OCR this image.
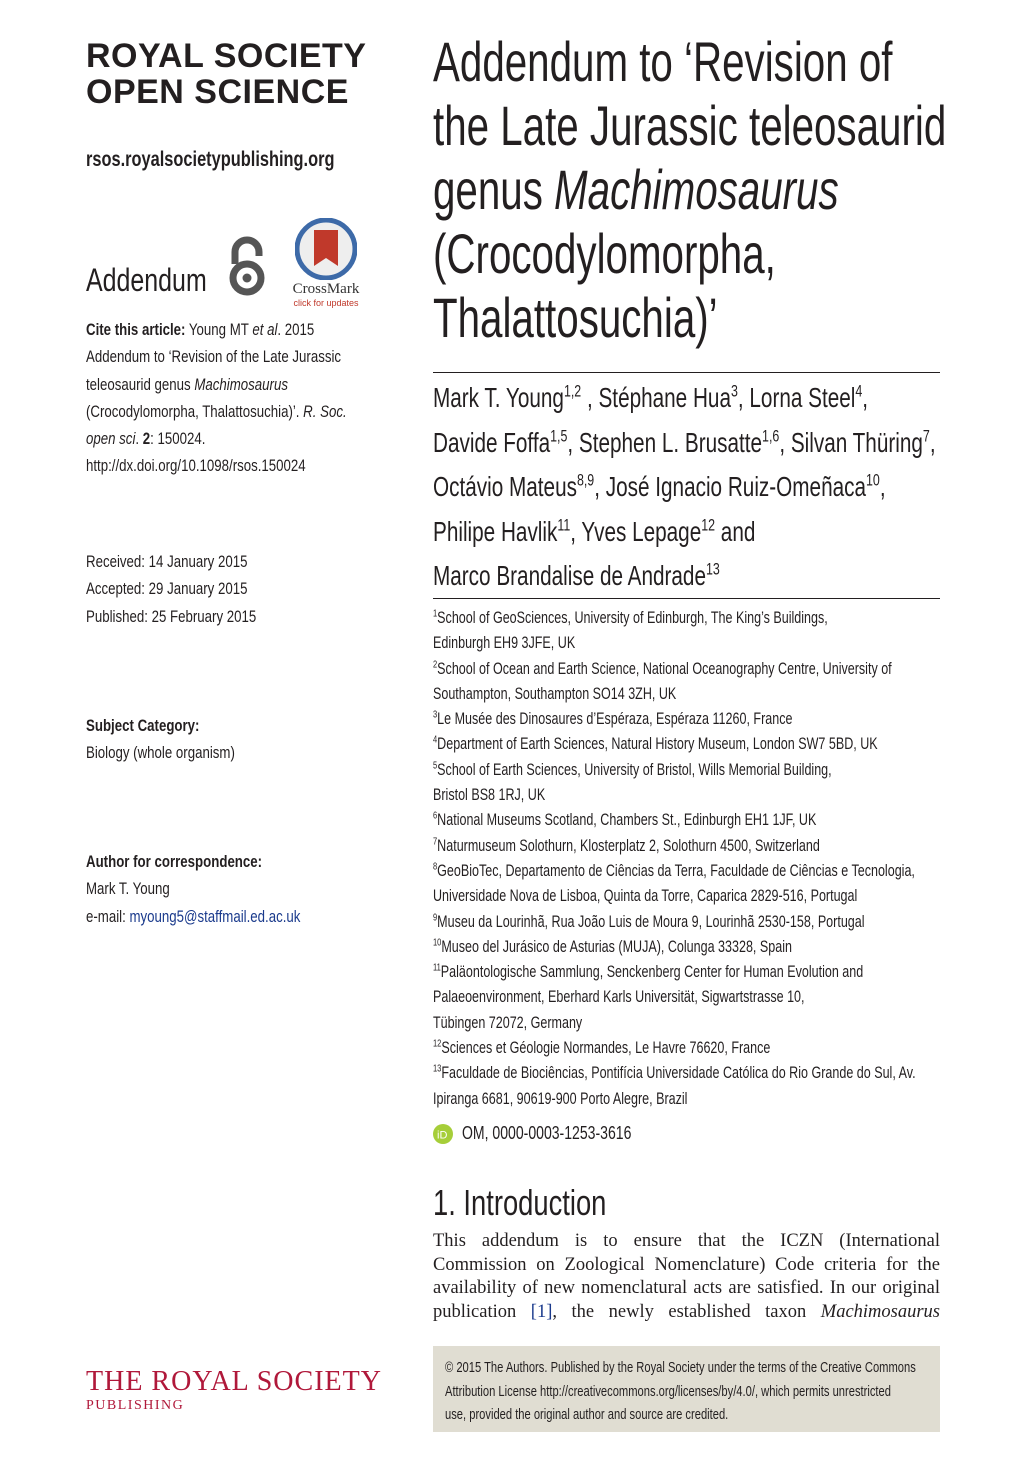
ROYAL SOCIETY
OPEN SCIENCE
rsos.royalsocietypublishing.org
Addendum	CrossMark
click for updates
Cite this article: Young MT et al. 2015
Addendum to ‘Revision of the Late Jurassic
teleosaurid genus Machimosaurus
(Crocodylomorpha, Thalattosuchia)’. R. Soc.
open sci. 2: 150024.
http://dx.doi.org/10.1098/rsos.150024
Received: 14 January 2015
Accepted: 29 January 2015
Published: 25 February 2015
Subject Category:
Biology (whole organism)
Author for correspondence:
Mark T. Young
e-mail: myoung5@staffmail.ed.ac.uk
Addendum to ‘Revision of
the Late Jurassic teleosaurid
genus Machimosaurus
(Crocodylomorpha,
Thalattosuchia)’
Mark T. Young$^{1,2}$ , Stéphane Hua$^3$, Lorna Steel$^4$,
Davide Foffa$^{1,5}$, Stephen L. Brusatte$^{1,6}$, Silvan Thüring$^7$,
Octávio Mateus$^{8,9}$, José Ignacio Ruiz-Omeñaca$^{10}$,
Philipe Havlik$^{11}$, Yves Lepage$^{12}$ and
Marco Brandalise de Andrade$^{13}$
$^1$School of GeoSciences, University of Edinburgh, The King’s Buildings,
Edinburgh EH9 3JFE, UK
$^2$School of Ocean and Earth Science, National Oceanography Centre, University of
Southampton, Southampton SO14 3ZH, UK
$^3$Le Musée des Dinosaures d’Espéraza, Espéraza 11260, France
$^4$Department of Earth Sciences, Natural History Museum, London SW7 5BD, UK
$^5$School of Earth Sciences, University of Bristol, Wills Memorial Building,
Bristol BS8 1RJ, UK
$^6$National Museums Scotland, Chambers St., Edinburgh EH1 1JF, UK
$^7$Naturmuseum Solothurn, Klosterplatz 2, Solothurn 4500, Switzerland
$^8$GeoBioTec, Departamento de Ciências da Terra, Faculdade de Ciências e Tecnologia,
Universidade Nova de Lisboa, Quinta da Torre, Caparica 2829-516, Portugal
$^9$Museu da Lourinhã, Rua João Luis de Moura 9, Lourinhã 2530-158, Portugal
$^{10}$Museo del Jurásico de Asturias (MUJA), Colunga 33328, Spain
$^{11}$Paläontologische Sammlung, Senckenberg Center for Human Evolution and
Palaeoenvironment, Eberhard Karls Universität, Sigwartstrasse 10,
Tübingen 72072, Germany
$^{12}$Sciences et Géologie Normandes, Le Havre 76620, France
$^{13}$Faculdade de Biociências, Pontifícia Universidade Católica do Rio Grande do Sul, Av.
Ipiranga 6681, 90619-900 Porto Alegre, Brazil
iD OM, 0000-0003-1253-3616
1. Introduction
This addendum is to ensure that the ICZN (International
Commission on Zoological Nomenclature) Code criteria for the
availability of new nomenclatural acts are satisfied. In our original
publication [1], the newly established taxon Machimosaurus
© 2015 The Authors. Published by the Royal Society under the terms of the Creative Commons
Attribution License http://creativecommons.org/licenses/by/4.0/, which permits unrestricted
use, provided the original author and source are credited.
THE ROYAL SOCIETY
PUBLISHING
